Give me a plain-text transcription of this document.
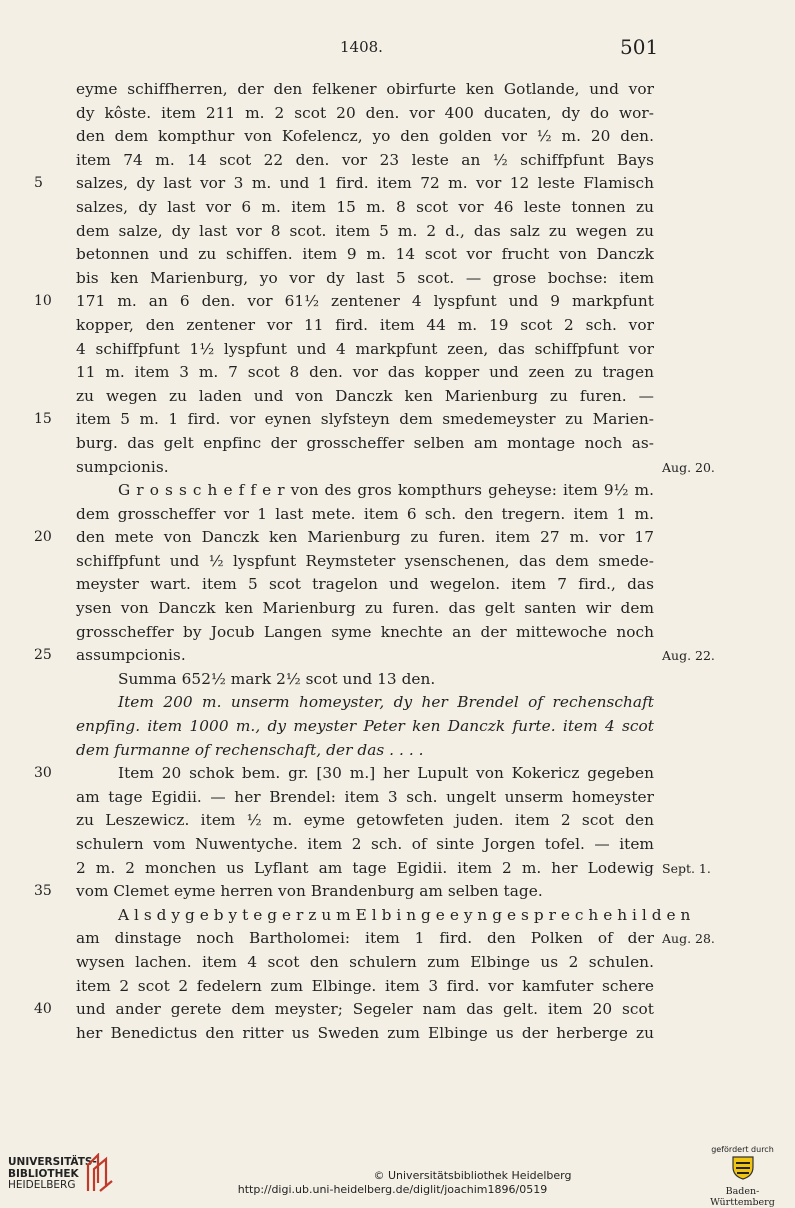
1408.	501
eyme schiffherren, der den felkener obirfurte ken Gotlande, und vor
dy kôste. item 211 m. 2 scot 20 den. vor 400 ducaten, dy do wor-
den dem kompthur von Kofelencz, yo den golden vor ½ m. 20 den.
item 74 m. 14 scot 22 den. vor 23 leste an ½ schiffpfunt Bays
5	salzes, dy last vor 3 m. und 1 fird. item 72 m. vor 12 leste Flamisch
salzes, dy last vor 6 m. item 15 m. 8 scot vor 46 leste tonnen zu
dem salze, dy last vor 8 scot. item 5 m. 2 d., das salz zu wegen zu
betonnen und zu schiffen. item 9 m. 14 scot vor frucht von Danczk
bis ken Marienburg, yo vor dy last 5 scot. — grose bochse: item
10	171 m. an 6 den. vor 61½ zentener 4 lyspfunt und 9 markpfunt
kopper, den zentener vor 11 fird. item 44 m. 19 scot 2 sch. vor
4 schiffpfunt 1½ lyspfunt und 4 markpfunt zeen, das schiffpfunt vor
11 m. item 3 m. 7 scot 8 den. vor das kopper und zeen zu tragen
zu wegen zu laden und von Danczk ken Marienburg zu furen. —
15	item 5 m. 1 fird. vor eynen slyfsteyn dem smedemeyster zu Marien-
burg. das gelt enpfinc der grosscheffer selben am montage noch as-
sumpcionis.	Aug. 20.
G r o s s c h e f f e r von des gros kompthurs geheyse: item 9½ m.
dem grosscheffer vor 1 last mete. item 6 sch. den tregern. item 1 m.
20	den mete von Danczk ken Marienburg zu furen. item 27 m. vor 17
schiffpfunt und ½ lyspfunt Reymsteter ysenschenen, das dem smede-
meyster wart. item 5 scot tragelon und wegelon. item 7 fird., das
ysen von Danczk ken Marienburg zu furen. das gelt santen wir dem
grosscheffer by Jocub Langen syme knechte an der mittewoche noch
25	assumpcionis.	Aug. 22.
Summa 652½ mark 2½ scot und 13 den.
Item 200 m. unserm homeyster, dy her Brendel of rechenschaft
enpfing. item 1000 m., dy meyster Peter ken Danczk furte. item 4 scot
dem furmanne of rechenschaft, der das . . . .
30	Item 20 schok bem. gr. [30 m.] her Lupult von Kokericz gegeben
am tage Egidii. — her Brendel: item 3 sch. ungelt unserm homeyster
zu Leszewicz. item ½ m. eyme getowfeten juden. item 2 scot den
schulern vom Nuwentyche. item 2 sch. of sinte Jorgen tofel. — item
2 m. 2 monchen us Lyflant am tage Egidii. item 2 m. her Lodewig Sept. 1.
35	vom Clemet eyme herren von Brandenburg am selben tage.
A l s d y g e b y t e g e r z u m E l b i n g e e y n g e s p r e c h e h i l d e n
am dinstage noch Bartholomei: item 1 fird. den Polken of der Aug. 28.
wysen lachen. item 4 scot den schulern zum Elbinge us 2 schulen.
item 2 scot 2 fedelern zum Elbinge. item 3 fird. vor kamfuter schere
40	und ander gerete dem meyster; Segeler nam das gelt. item 20 scot
her Benedictus den ritter us Sweden zum Elbinge us der herberge zu
UNIVERSITÄTS-
BIBLIOTHEK
HEIDELBERG
© Universitätsbibliothek Heidelberg
http://digi.ub.uni-heidelberg.de/diglit/joachim1896/0519
gefördert durch
Baden-Württemberg
